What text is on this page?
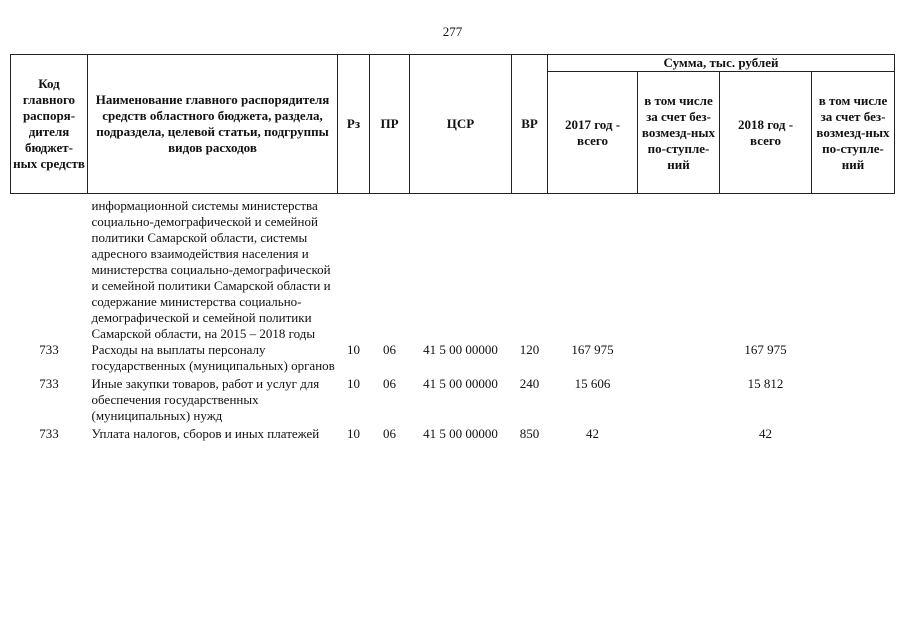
277
Код главного распоря-дителя бюджет-ных средств	Наименование главного распорядителя средств областного бюджета, раздела, подраздела, целевой статьи, подгруппы видов расходов	Рз	ПР	ЦСР	ВР	Сумма, тыс. рублей			
						2017 год - всего	в том числе за счет без-возмезд-ных по-ступле-ний	2018 год - всего	в том числе за счет без-возмезд-ных по-ступле-ний
	информационной системы министерства социально-демографической и семейной политики Самарской области, системы адресного взаимодействия населения и министерства социально-демографической и семейной политики Самарской области и содержание министерства социально-демографической и семейной политики Самарской области, на 2015 – 2018 годы								
733	Расходы на выплаты персоналу государственных (муниципальных) органов	10	06	41 5 00 00000	120	167 975		167 975	
733	Иные закупки товаров, работ и услуг для обеспечения государственных (муниципальных) нужд	10	06	41 5 00 00000	240	15 606		15 812	
733	Уплата налогов, сборов и иных платежей	10	06	41 5 00 00000	850	42		42	
